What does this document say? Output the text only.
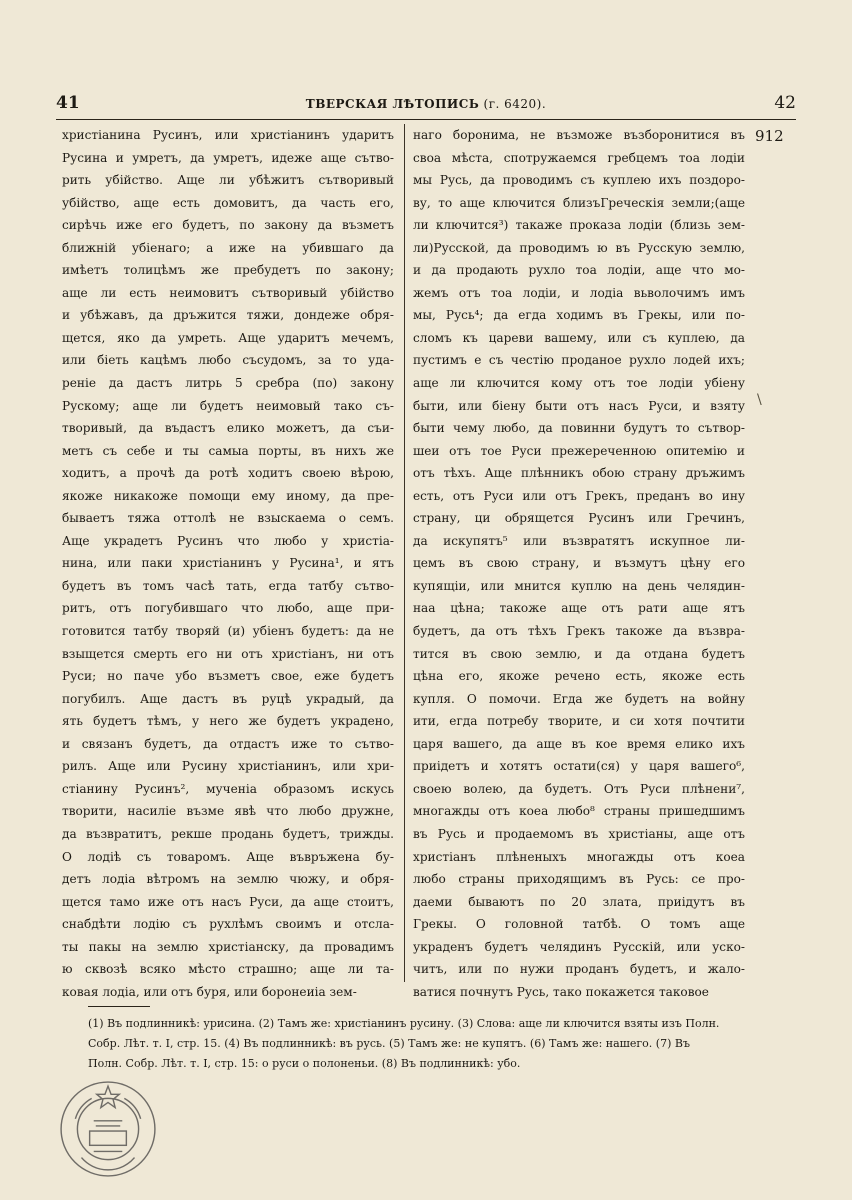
41	ТВЕРСКАЯ ЛѢТОПИСЬ (г. 6420).	42
христіанина Русинъ, или христіанинъ ударитъ
Русина и умретъ, да умретъ, идеже аще сътво-
рить убійство. Аще ли убѣжитъ сътворивый
убійство, аще есть домовитъ, да часть его,
сирѣчь иже его будетъ, по закону да възметъ
ближній убіенаго; а иже на убившаго да
имѣетъ толицѣмъ же пребудетъ по закону;
аще ли есть неимовитъ сътворивый убійство
и убѣжавъ, да дръжится тяжи, дондеже обря-
щется, яко да умреть. Аще ударитъ мечемъ,
или біеть кацѣмъ любо съсудомъ, за то уда-
реніе да дастъ литрь 5 сребра (по) закону
Рускому; аще ли будетъ неимовый тако съ-
творивый, да въдастъ елико можетъ, да съи-
метъ съ себе и ты самыа порты, въ нихъ же
ходитъ, а прочѣ да ротѣ ходитъ своею вѣрою,
якоже никакоже помощи ему иному, да пре-
бываетъ тяжа оттолѣ не взыскаема о семъ.
Аще украдетъ Русинъ что любо у христіа-
нина, или паки христіанинъ у Русина¹, и ятъ
будетъ въ томъ часѣ тать, егда татбу сътво-
ритъ, отъ погубившаго что любо, аще при-
готовится татбу творяй (и) убіенъ будетъ: да не
взыщется смерть его ни отъ христіанъ, ни отъ
Руси; но паче убо възметъ свое, еже будетъ
погубилъ. Аще дастъ въ руцѣ украдый, да
ять будетъ тѣмъ, у него же будетъ украдено,
и связанъ будетъ, да отдастъ иже то сътво-
рилъ. Аще или Русину христіанинъ, или хри-
стіанину Русинъ², мученіа образомъ искусь
творити, насиліе възме явѣ что любо дружне,
да възвратитъ, рекше продань будетъ, трижды.
О лодіѣ съ товаромъ. Аще въвръжена бу-
детъ лодіа вѣтромъ на землю чюжу, и обря-
щется тамо иже отъ насъ Руси, да аще стоитъ,
снабдѣти лодію съ рухлѣмъ своимъ и отсла-
ты пакы на землю христіанску, да провадимъ
ю сквозѣ всяко мѣсто страшно; аще ли та-
ковая лодіа, или отъ буря, или боронеиіа зем-
наго боронима, не възможе възборонитися въ
своа мѣста, спотружаемся гребцемъ тоа лодіи
мы Русь, да проводимъ съ куплею ихъ поздоро-
ву, то аще ключится близъГреческія земли;(аще
ли ключится³) такажe проказа лодіи (близь зем-
ли)Русской, да проводимъ ю въ Русскую землю,
и да продають рухло тоа лодіи, аще что мо-
жемъ отъ тоа лодіи, и лодіа вьволочимъ имъ
мы, Русь⁴; да егда ходимъ въ Грекы, или по-
сломъ къ цареви вашему, или съ куплею, да
пустимъ е съ честію проданое рухло лодей ихъ;
аще ли ключится кому отъ тое лодіи убіену
быти, или біену быти отъ насъ Руси, и взяту
быти чему любо, да повинни будутъ то сътвор-
шеи отъ тое Руси прежереченною опитемію и
отъ тѣхъ. Аще плѣнникъ обою страну дръжимъ
есть, отъ Руси или отъ Грекъ, преданъ во ину
страну, ци обрящется Русинъ или Гречинъ,
да искупятъ⁵ или възвратятъ искупное ли-
цемъ въ свою страну, и възмутъ цѣну его
купящіи, или мнится куплю на день челядин-
наа цѣна; такоже аще отъ рати аще ятъ
будетъ, да отъ тѣхъ Грекъ такоже да възвра-
тится въ свою землю, и да отдана будетъ
цѣна его, якоже речено есть, якоже есть
купля. О помочи. Егда же будетъ на войну
ити, егда потребу творите, и си хотя почтити
царя вашего, да аще въ кое время елико ихъ
приідетъ и хотятъ остати(ся) у царя вашего⁶,
своею волею, да будетъ. Отъ Руси плѣнени⁷,
многажды отъ коеа любо⁸ страны пришедшимъ
въ Русь и продаемомъ въ христіаны, аще отъ
христіанъ плѣненыхъ многажды отъ коеа
любо страны приходящимъ въ Русь: се про-
даеми бываютъ по 20 злата, приідутъ въ
Грекы. О головной татбѣ. О томъ аще
украденъ будетъ челядинъ Русскій, или уско-
читъ, или по нужи проданъ будетъ, и жало-
ватися почнутъ Русь, тако покажется таковое
912
\
(1) Въ подлинникѣ: урисина. (2) Тамъ же: христіанинъ русину. (3) Слова: аще ли ключится взяты изъ Полн.
Собр. Лѣт. т. I, стр. 15. (4) Въ подлинникѣ: въ русь. (5) Тамъ же: не купятъ. (6) Тамъ же: нашего. (7) Въ
Полн. Собр. Лѣт. т. I, стр. 15: о руси о полоненьи. (8) Въ подлинникѣ: убо.
